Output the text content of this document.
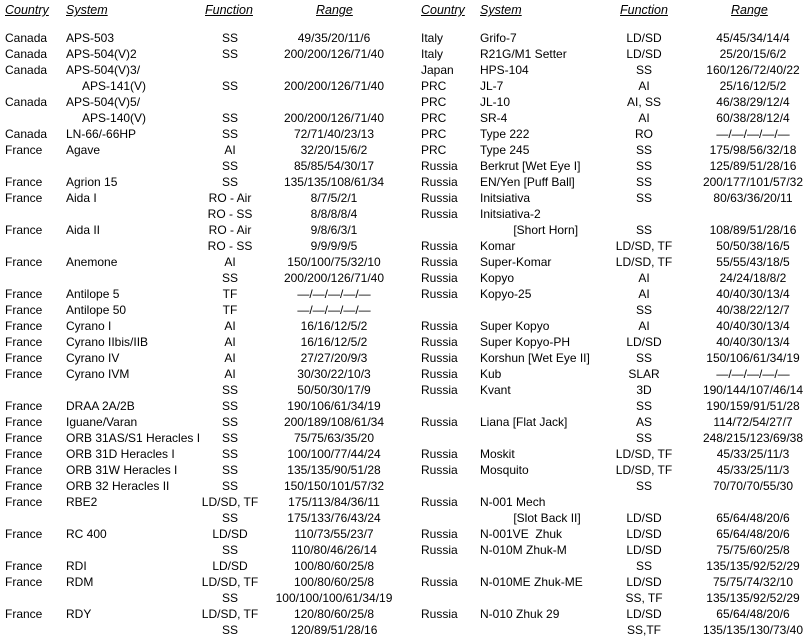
Country System	Function	Range
Canada APS-503	SS	49/35/20/11/6
Canada APS-504(V)2	SS	200/200/126/71/40
Canada APS-504(V)3/
APS-141(V)	SS	200/200/126/71/40
Canada APS-504(V)5/
APS-140(V)	SS	200/200/126/71/40
Canada LN-66/-66HP	SS	72/71/40/23/13
France Agave	AI	32/20/15/6/2
SS	85/85/54/30/17
France Agrion 15	SS	135/135/108/61/34
France Aida I	RO - Air	8/7/5/2/1
RO - SS	8/8/8/8/4
France Aida II	RO - Air	9/8/6/3/1
RO - SS	9/9/9/9/5
France Anemone	AI	150/100/75/32/10
SS	200/200/126/71/40
France Antilope 5	TF	—/—/—/—/—
France Antilope 50	TF	—/—/—/—/—
France Cyrano I	AI	16/16/12/5/2
France Cyrano IIbis/IIB	AI	16/16/12/5/2
France Cyrano IV	AI	27/27/20/9/3
France Cyrano IVM	AI	30/30/22/10/3
SS	50/50/30/17/9
France DRAA 2A/2B	SS	190/106/61/34/19
France Iguane/Varan	SS	200/189/108/61/34
France ORB 31AS/S1 Heracles I	SS	75/75/63/35/20
France ORB 31D Heracles I	SS	100/100/77/44/24
France ORB 31W Heracles I	SS	135/135/90/51/28
France ORB 32 Heracles II	SS	150/150/101/57/32
France RBE2	LD/SD, TF	175/113/84/36/11
SS	175/133/76/43/24
France RC 400	LD/SD	110/73/55/23/7
SS	110/80/46/26/14
France RDI	LD/SD	100/80/60/25/8
France RDM	LD/SD, TF	100/80/60/25/8
SS	100/100/100/61/34/19
France RDY	LD/SD, TF	120/80/60/25/8
SS	120/89/51/28/16
Country System	Function	Range
Italy	Grifo-7	LD/SD	45/45/34/14/4
Italy	R21G/M1 Setter	LD/SD	25/20/15/6/2
Japan HPS-104	SS	160/126/72/40/22
PRC	JL-7	AI	25/16/12/5/2
PRC	JL-10	AI, SS	46/38/29/12/4
PRC	SR-4	AI	60/38/28/12/4
PRC	Type 222	RO	—/—/—/—/—
PRC	Type 245	SS	175/98/56/32/18
Russia Berkrut [Wet Eye I]	SS	125/89/51/28/16
Russia EN/Yen [Puff Ball]	SS	200/177/101/57/32
Russia Initsiativa	SS	80/63/36/20/11
Russia Initsiativa-2
[Short Horn]	SS	108/89/51/28/16
Russia Komar	LD/SD, TF	50/50/38/16/5
Russia Super-Komar	LD/SD, TF	55/55/43/18/5
Russia Kopyo	AI	24/24/18/8/2
Russia Kopyo-25	AI	40/40/30/13/4
SS	40/38/22/12/7
Russia Super Kopyo	AI	40/40/30/13/4
Russia Super Kopyo-PH	LD/SD	40/40/30/13/4
Russia Korshun [Wet Eye II]	SS	150/106/61/34/19
Russia Kub	SLAR	—/—/—/—/—
Russia Kvant	3D	190/144/107/46/14
SS	190/159/91/51/28
Russia Liana [Flat Jack]	AS	114/72/54/27/7
SS	248/215/123/69/38
Russia Moskit	LD/SD, TF	45/33/25/11/3
Russia Mosquito	LD/SD, TF	45/33/25/11/3
SS	70/70/70/55/30
Russia N-001 Mech
[Slot Back II]	LD/SD	65/64/48/20/6
Russia N-001VE  Zhuk	LD/SD	65/64/48/20/6
Russia N-010M Zhuk-M	LD/SD	75/75/60/25/8
SS	135/135/92/52/29
Russia N-010ME Zhuk-ME	LD/SD	75/75/74/32/10
SS, TF	135/135/92/52/29
Russia N-010 Zhuk 29	LD/SD	65/64/48/20/6
SS,TF	135/135/130/73/40
